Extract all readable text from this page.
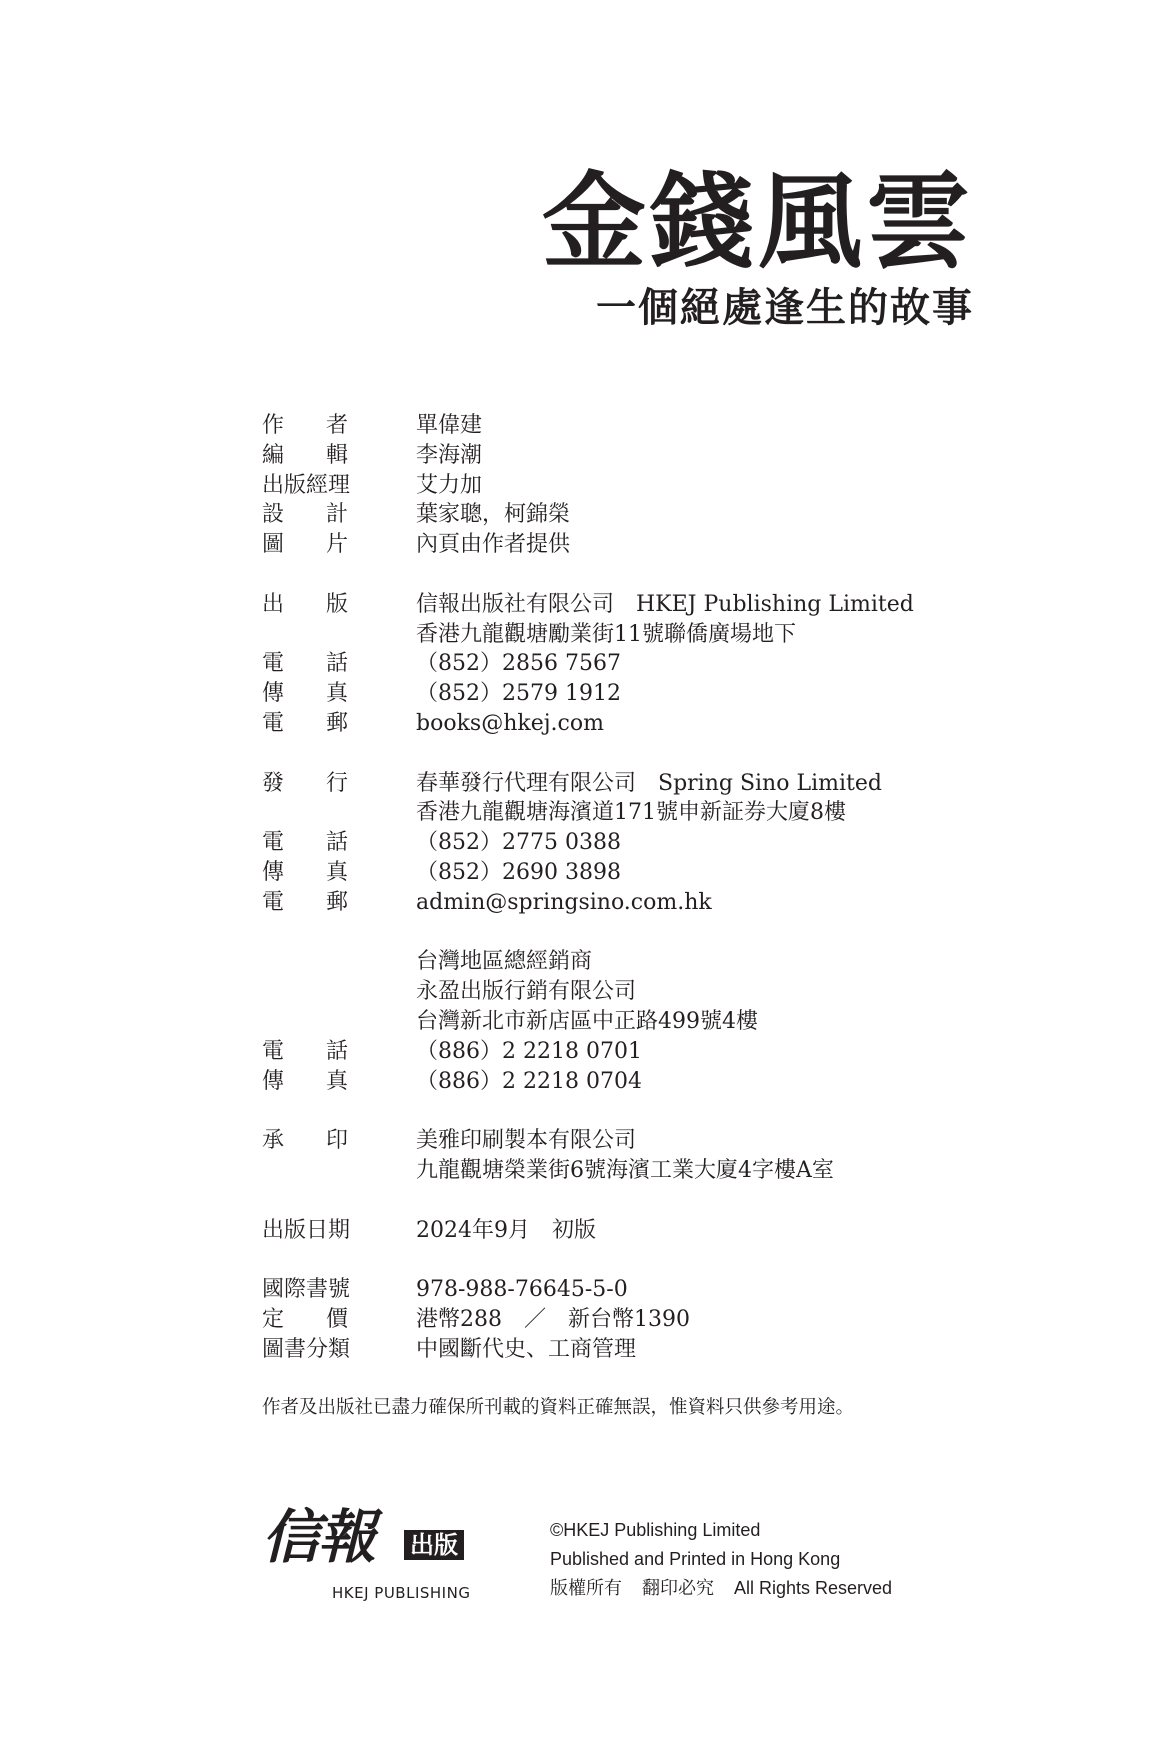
金錢風雲
一個絕處逢生的故事
作者	單偉建
編輯	李海潮
出版經理	艾力加
設計	葉家聰，柯錦榮
圖片	內頁由作者提供
出版	信報出版社有限公司　HKEJ Publishing Limited
香港九龍觀塘勵業街11號聯僑廣場地下
電話	（852）2856 7567
傳真	（852）2579 1912
電郵	books@hkej.com
發行	春華發行代理有限公司　Spring Sino Limited
香港九龍觀塘海濱道171號申新証券大廈8樓
電話	（852）2775 0388
傳真	（852）2690 3898
電郵	admin@springsino.com.hk
台灣地區總經銷商
永盈出版行銷有限公司
台灣新北市新店區中正路499號4樓
電話	（886）2 2218 0701
傳真	（886）2 2218 0704
承印	美雅印刷製本有限公司
九龍觀塘榮業街6號海濱工業大廈4字樓A室
出版日期	2024年9月　初版
國際書號	978-988-76645-5-0
定價	港幣288　／　新台幣1390
圖書分類	中國斷代史、工商管理

作者及出版社已盡力確保所刊載的資料正確無誤，惟資料只供參考用途。

信報 出版
HKEJ PUBLISHING
©HKEJ Publishing Limited
Published and Printed in Hong Kong
版權所有 翻印必究 All Rights Reserved
